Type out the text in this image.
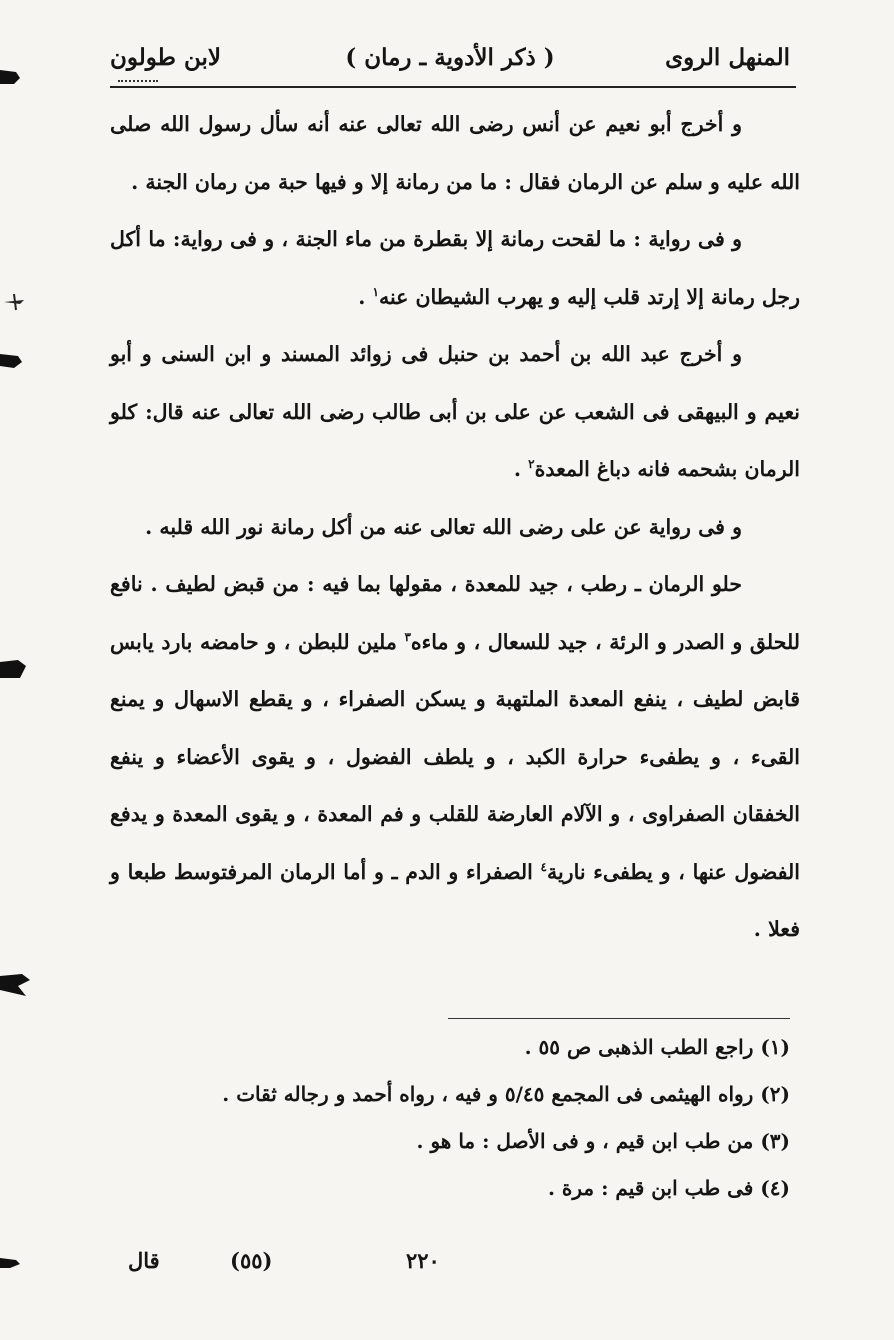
المنهل الروى
( ذكر الأدوية ـ رمان )
لابن طولون

و أخرج أبو نعيم عن أنس رضى الله تعالى عنه أنه سأل رسول الله صلى الله عليه و سلم عن الرمان فقال : ما من رمانة إلا و فيها حبة من رمان الجنة .

و فى رواية : ما لقحت رمانة إلا بقطرة من ماء الجنة ، و فى رواية: ما أكل رجل رمانة إلا إرتد قلب إليه و يهرب الشيطان عنه$^١$ .

و أخرج عبد الله بن أحمد بن حنبل فى زوائد المسند و ابن السنى و أبو نعيم و البيهقى فى الشعب عن على بن أبى طالب رضى الله تعالى عنه قال: كلو الرمان بشحمه فانه دباغ المعدة$^٢$ .

و فى رواية عن على رضى الله تعالى عنه من أكل رمانة نور الله قلبه .

حلو الرمان ـ رطب ، جيد للمعدة ، مقولها بما فيه : من قبض لطيف . نافع للحلق و الصدر و الرئة ، جيد للسعال ، و ماءه$^٣$ ملين للبطن ، و حامضه بارد يابس قابض لطيف ، ينفع المعدة الملتهبة و يسكن الصفراء ، و يقطع الاسهال و يمنع القىء ، و يطفىء حرارة الكبد ، و يلطف الفضول ، و يقوى الأعضاء و ينفع الخفقان الصفراوى ، و الآلام العارضة للقلب و فم المعدة ، و يقوى المعدة و يدفع الفضول عنها ، و يطفىء نارية$^٤$ الصفراء و الدم ـ و أما الرمان المرفتوسط طبعا و فعلا .

(١) راجع الطب الذهبى ص ٥٥ .

(٢) رواه الهيثمى فى المجمع ٥/٤٥ و فيه ، رواه أحمد و رجاله ثقات .

(٣) من طب ابن قيم ، و فى الأصل : ما هو .

(٤) فى طب ابن قيم : مرة .

قال	(٥٥)	٢٢٠
